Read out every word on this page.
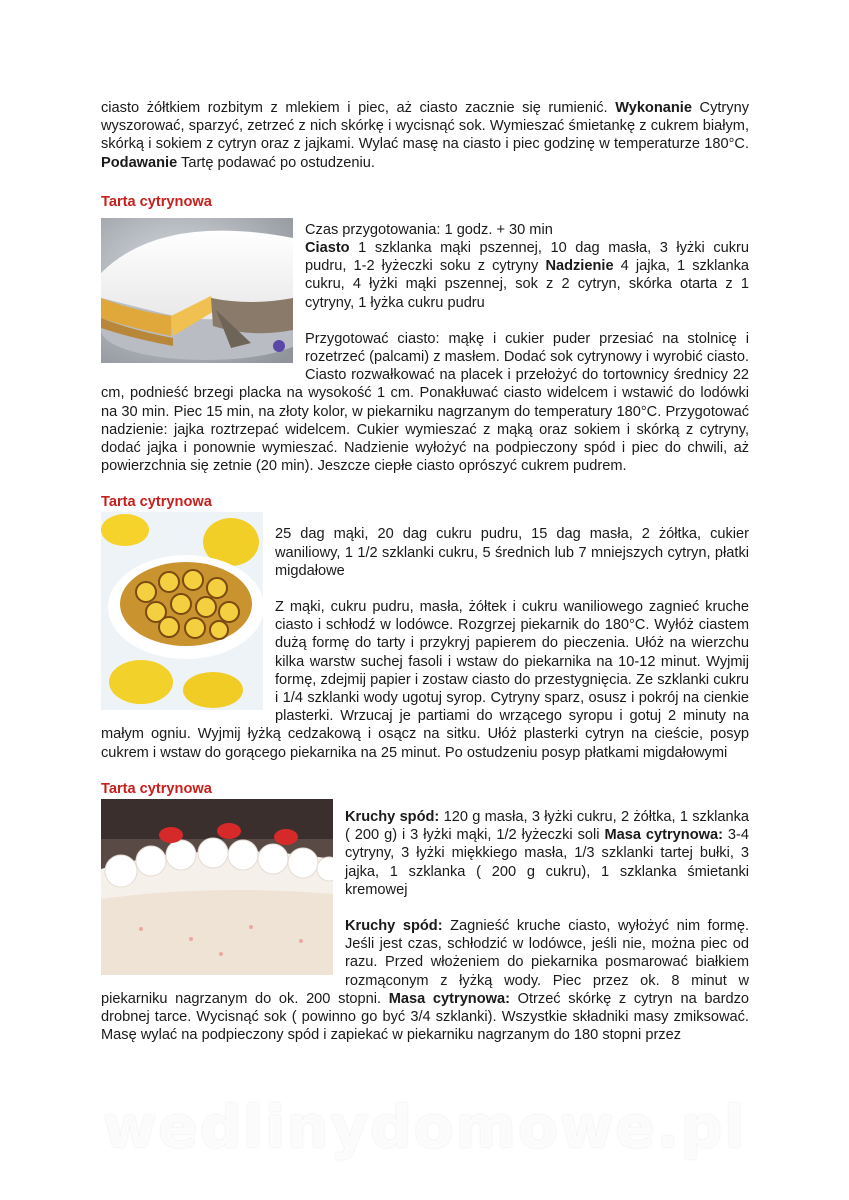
ciasto żółtkiem rozbitym z mlekiem i piec, aż ciasto zacznie się rumienić. Wykonanie Cytryny wyszorować, sparzyć, zetrzeć z nich skórkę i wycisnąć sok. Wymieszać śmietankę z cukrem białym, skórką i sokiem z cytryn oraz z jajkami. Wylać masę na ciasto i piec godzinę w temperaturze 180°C. Podawanie Tartę podawać po ostudzeniu.

Tarta cytrynowa

Czas przygotowania: 1 godz. + 30 min

Ciasto 1 szklanka mąki pszennej, 10 dag masła, 3 łyżki cukru pudru, 1-2 łyżeczki soku z cytryny Nadzienie 4 jajka, 1 szklanka cukru, 4 łyżki mąki pszennej, sok z 2 cytryn, skórka otarta z 1 cytryny, 1 łyżka cukru pudru

Przygotować ciasto: mąkę i cukier puder przesiać na stolnicę i rozetrzeć (palcami) z masłem. Dodać sok cytrynowy i wyrobić ciasto. Ciasto rozwałkować na placek i przełożyć do tortownicy średnicy 22 cm, podnieść brzegi placka na wysokość 1 cm. Ponakłuwać ciasto widelcem i wstawić do lodówki na 30 min. Piec 15 min, na złoty kolor, w piekarniku nagrzanym do temperatury 180°C. Przygotować nadzienie: jajka roztrzepać widelcem. Cukier wymieszać z mąką oraz sokiem i skórką z cytryny, dodać jajka i ponownie wymieszać. Nadzienie wyłożyć na podpieczony spód i piec do chwili, aż powierzchnia się zetnie (20 min). Jeszcze ciepłe ciasto oprószyć cukrem pudrem.

Tarta cytrynowa

25 dag mąki, 20 dag cukru pudru, 15 dag masła, 2 żółtka, cukier waniliowy, 1 1/2 szklanki cukru, 5 średnich lub 7 mniejszych cytryn, płatki migdałowe

Z mąki, cukru pudru, masła, żółtek i cukru waniliowego zagnieć kruche ciasto i schłodź w lodówce. Rozgrzej piekarnik do 180°C. Wyłóż ciastem dużą formę do tarty i przykryj papierem do pieczenia. Ułóż na wierzchu kilka warstw suchej fasoli i wstaw do piekarnika na 10-12 minut. Wyjmij formę, zdejmij papier i zostaw ciasto do przestygnięcia. Ze szklanki cukru i 1/4 szklanki wody ugotuj syrop. Cytryny sparz, osusz i pokrój na cienkie plasterki. Wrzucaj je partiami do wrzącego syropu i gotuj 2 minuty na małym ogniu. Wyjmij łyżką cedzakową i osącz na sitku. Ułóż plasterki cytryn na cieście, posyp cukrem i wstaw do gorącego piekarnika na 25 minut. Po ostudzeniu posyp płatkami migdałowymi

Tarta cytrynowa

Kruchy spód: 120 g masła, 3 łyżki cukru, 2 żółtka, 1 szklanka ( 200 g) i 3 łyżki mąki, 1/2 łyżeczki soli Masa cytrynowa: 3-4 cytryny, 3 łyżki miękkiego masła, 1/3 szklanki tartej bułki, 3 jajka, 1 szklanka ( 200 g cukru), 1 szklanka śmietanki kremowej

Kruchy spód: Zagnieść kruche ciasto, wyłożyć nim formę. Jeśli jest czas, schłodzić w lodówce, jeśli nie, można piec od razu. Przed włożeniem do piekarnika posmarować białkiem rozmąconym z łyżką wody. Piec przez ok. 8 minut w piekarniku nagrzanym do ok. 200 stopni. Masa cytrynowa: Otrzeć skórkę z cytryn na bardzo drobnej tarce. Wycisnąć sok ( powinno go być 3/4 szklanki). Wszystkie składniki masy zmiksować. Masę wylać na podpieczony spód i zapiekać w piekarniku nagrzanym do 180 stopni przez

wedlinydomowe.pl
